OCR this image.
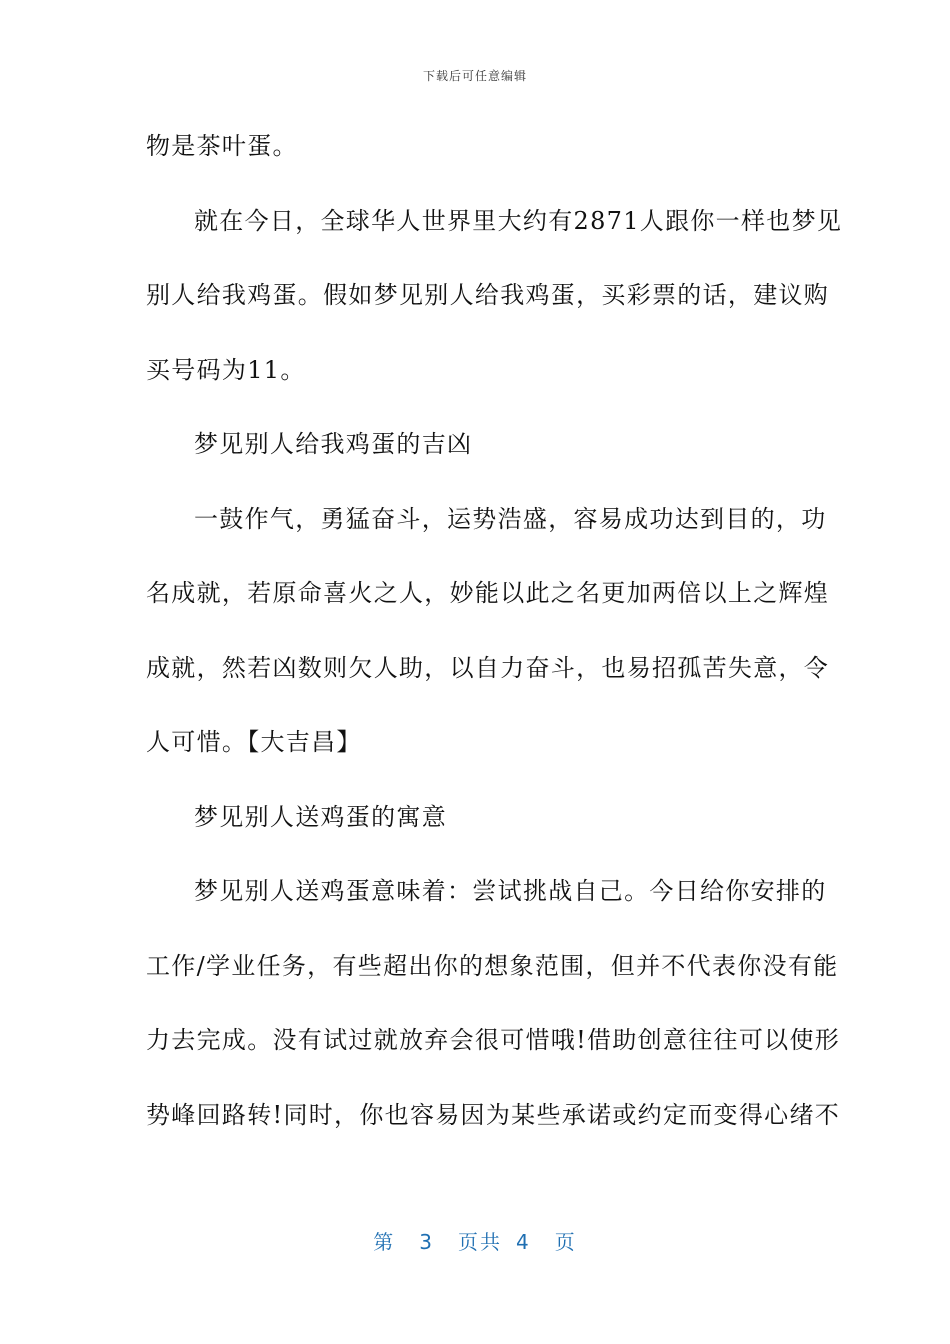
下载后可任意编辑
物是茶叶蛋。
就在今日，全球华人世界里大约有2871人跟你一样也梦见
别人给我鸡蛋。假如梦见别人给我鸡蛋，买彩票的话，建议购
买号码为11。
梦见别人给我鸡蛋的吉凶
一鼓作气，勇猛奋斗，运势浩盛，容易成功达到目的，功
名成就，若原命喜火之人，妙能以此之名更加两倍以上之辉煌
成就，然若凶数则欠人助，以自力奋斗，也易招孤苦失意，令
人可惜。【大吉昌】
梦见别人送鸡蛋的寓意
梦见别人送鸡蛋意味着：尝试挑战自己。今日给你安排的
工作/学业任务，有些超出你的想象范围，但并不代表你没有能
力去完成。没有试过就放弃会很可惜哦!借助创意往往可以使形
势峰回路转!同时，你也容易因为某些承诺或约定而变得心绪不
第 3 页共 4 页
